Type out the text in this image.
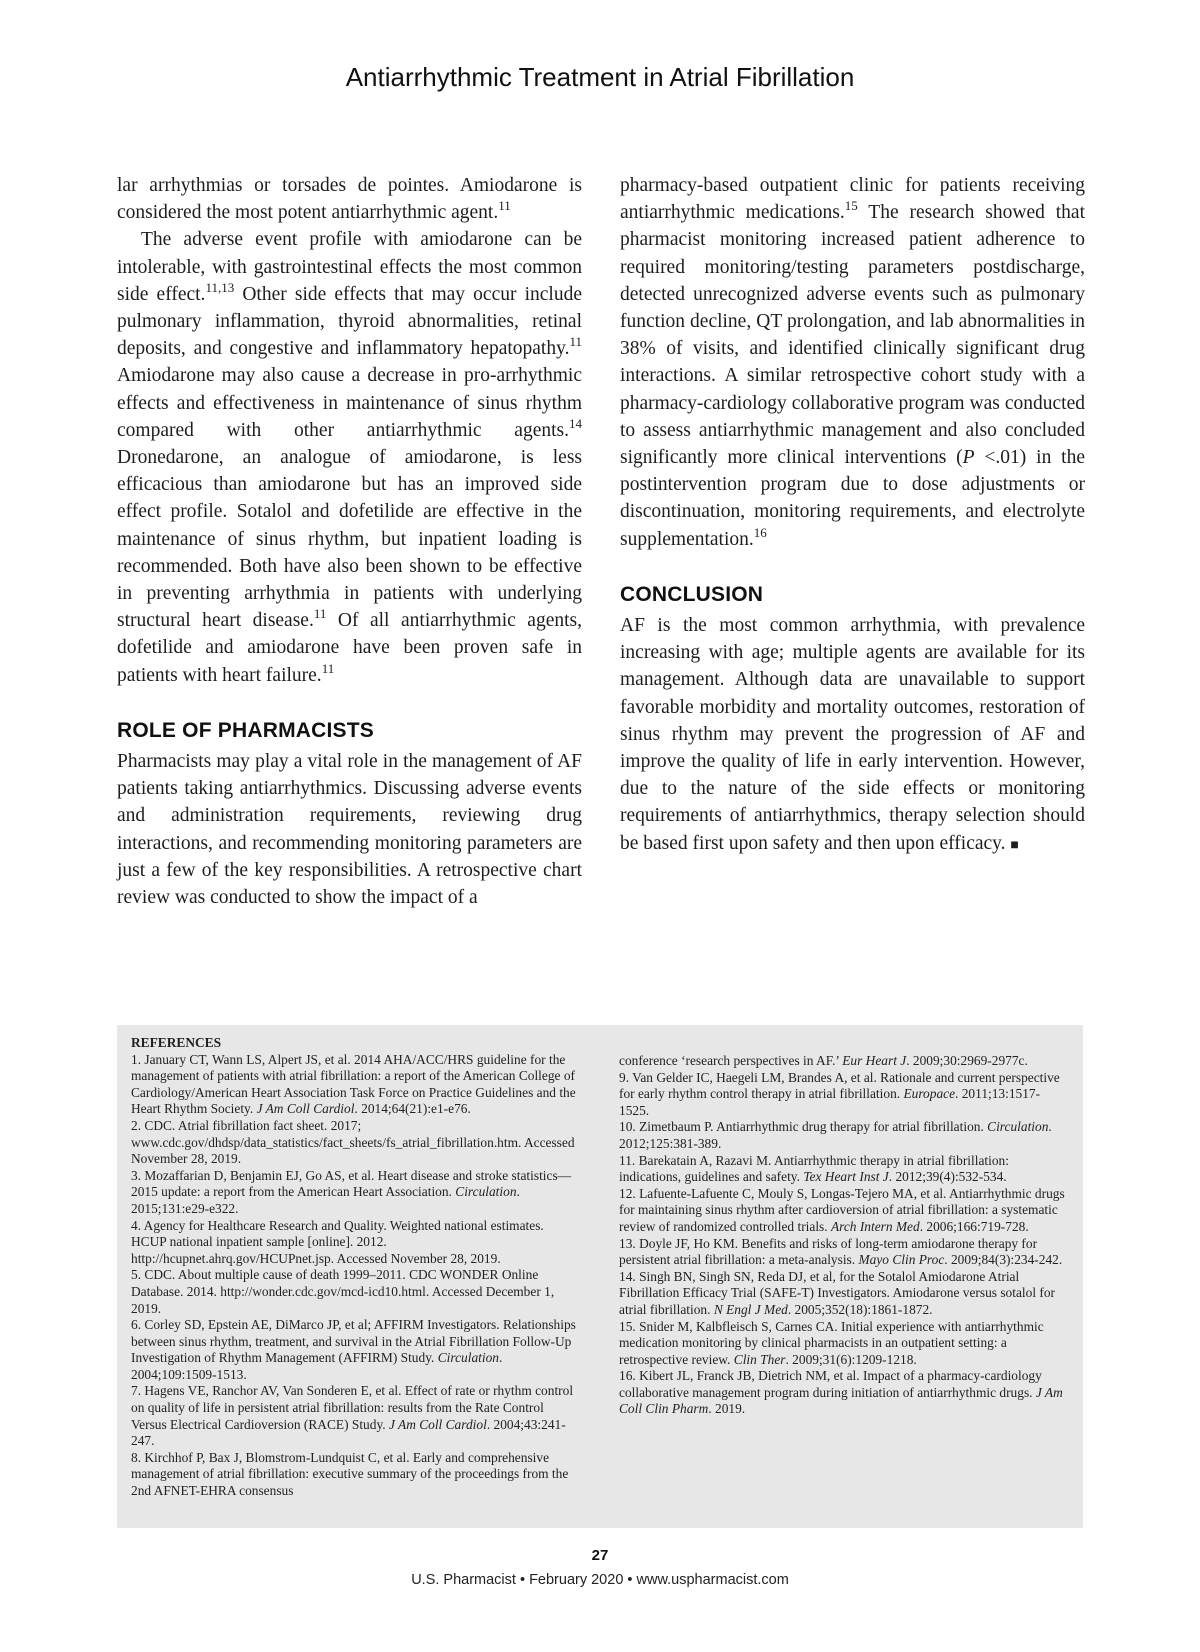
Antiarrhythmic Treatment in Atrial Fibrillation

lar arrhythmias or torsades de pointes. Amiodarone is considered the most potent antiarrhythmic agent.$^{11}$

The adverse event profile with amiodarone can be intolerable, with gastrointestinal effects the most common side effect.$^{11,13}$ Other side effects that may occur include pulmonary inflammation, thyroid abnormalities, retinal deposits, and congestive and inflammatory hepatopathy.$^{11}$ Amiodarone may also cause a decrease in pro-arrhythmic effects and effectiveness in maintenance of sinus rhythm compared with other antiarrhythmic agents.$^{14}$ Dronedarone, an analogue of amiodarone, is less efficacious than amiodarone but has an improved side effect profile. Sotalol and dofetilide are effective in the maintenance of sinus rhythm, but inpatient loading is recommended. Both have also been shown to be effective in preventing arrhythmia in patients with underlying structural heart disease.$^{11}$ Of all antiarrhythmic agents, dofetilide and amiodarone have been proven safe in patients with heart failure.$^{11}$

ROLE OF PHARMACISTS

Pharmacists may play a vital role in the management of AF patients taking antiarrhythmics. Discussing adverse events and administration requirements, reviewing drug interactions, and recommending monitoring parameters are just a few of the key responsibilities. A retrospective chart review was conducted to show the impact of a

pharmacy-based outpatient clinic for patients receiving antiarrhythmic medications.$^{15}$ The research showed that pharmacist monitoring increased patient adherence to required monitoring/testing parameters postdischarge, detected unrecognized adverse events such as pulmonary function decline, QT prolongation, and lab abnormalities in 38% of visits, and identified clinically significant drug interactions. A similar retrospective cohort study with a pharmacy-cardiology collaborative program was conducted to assess antiarrhythmic management and also concluded significantly more clinical interventions (P <.01) in the postintervention program due to dose adjustments or discontinuation, monitoring requirements, and electrolyte supplementation.$^{16}$

CONCLUSION

AF is the most common arrhythmia, with prevalence increasing with age; multiple agents are available for its management. Although data are unavailable to support favorable morbidity and mortality outcomes, restoration of sinus rhythm may prevent the progression of AF and improve the quality of life in early intervention. However, due to the nature of the side effects or monitoring requirements of antiarrhythmics, therapy selection should be based first upon safety and then upon efficacy. ■

REFERENCES

1. January CT, Wann LS, Alpert JS, et al. 2014 AHA/ACC/HRS guideline for the management of patients with atrial fibrillation: a report of the American College of Cardiology/American Heart Association Task Force on Practice Guidelines and the Heart Rhythm Society. J Am Coll Cardiol. 2014;64(21):e1-e76.

2. CDC. Atrial fibrillation fact sheet. 2017; www.cdc.gov/dhdsp/data_statistics/fact_sheets/fs_atrial_fibrillation.htm. Accessed November 28, 2019.

3. Mozaffarian D, Benjamin EJ, Go AS, et al. Heart disease and stroke statistics—2015 update: a report from the American Heart Association. Circulation. 2015;131:e29-e322.

4. Agency for Healthcare Research and Quality. Weighted national estimates. HCUP national inpatient sample [online]. 2012. http://hcupnet.ahrq.gov/HCUPnet.jsp. Accessed November 28, 2019.

5. CDC. About multiple cause of death 1999–2011. CDC WONDER Online Database. 2014. http://wonder.cdc.gov/mcd-icd10.html. Accessed December 1, 2019.

6. Corley SD, Epstein AE, DiMarco JP, et al; AFFIRM Investigators. Relationships between sinus rhythm, treatment, and survival in the Atrial Fibrillation Follow-Up Investigation of Rhythm Management (AFFIRM) Study. Circulation. 2004;109:1509-1513.

7. Hagens VE, Ranchor AV, Van Sonderen E, et al. Effect of rate or rhythm control on quality of life in persistent atrial fibrillation: results from the Rate Control Versus Electrical Cardioversion (RACE) Study. J Am Coll Cardiol. 2004;43:241-247.

8. Kirchhof P, Bax J, Blomstrom-Lundquist C, et al. Early and comprehensive management of atrial fibrillation: executive summary of the proceedings from the 2nd AFNET-EHRA consensus

conference ‘research perspectives in AF.’ Eur Heart J. 2009;30:2969-2977c.

9. Van Gelder IC, Haegeli LM, Brandes A, et al. Rationale and current perspective for early rhythm control therapy in atrial fibrillation. Europace. 2011;13:1517-1525.

10. Zimetbaum P. Antiarrhythmic drug therapy for atrial fibrillation. Circulation. 2012;125:381-389.

11. Barekatain A, Razavi M. Antiarrhythmic therapy in atrial fibrillation: indications, guidelines and safety. Tex Heart Inst J. 2012;39(4):532-534.

12. Lafuente-Lafuente C, Mouly S, Longas-Tejero MA, et al. Antiarrhythmic drugs for maintaining sinus rhythm after cardioversion of atrial fibrillation: a systematic review of randomized controlled trials. Arch Intern Med. 2006;166:719-728.

13. Doyle JF, Ho KM. Benefits and risks of long-term amiodarone therapy for persistent atrial fibrillation: a meta-analysis. Mayo Clin Proc. 2009;84(3):234-242.

14. Singh BN, Singh SN, Reda DJ, et al, for the Sotalol Amiodarone Atrial Fibrillation Efficacy Trial (SAFE-T) Investigators. Amiodarone versus sotalol for atrial fibrillation. N Engl J Med. 2005;352(18):1861-1872.

15. Snider M, Kalbfleisch S, Carnes CA. Initial experience with antiarrhythmic medication monitoring by clinical pharmacists in an outpatient setting: a retrospective review. Clin Ther. 2009;31(6):1209-1218.

16. Kibert JL, Franck JB, Dietrich NM, et al. Impact of a pharmacy-cardiology collaborative management program during initiation of antiarrhythmic drugs. J Am Coll Clin Pharm. 2019.

27
U.S. Pharmacist • February 2020 • www.uspharmacist.com
